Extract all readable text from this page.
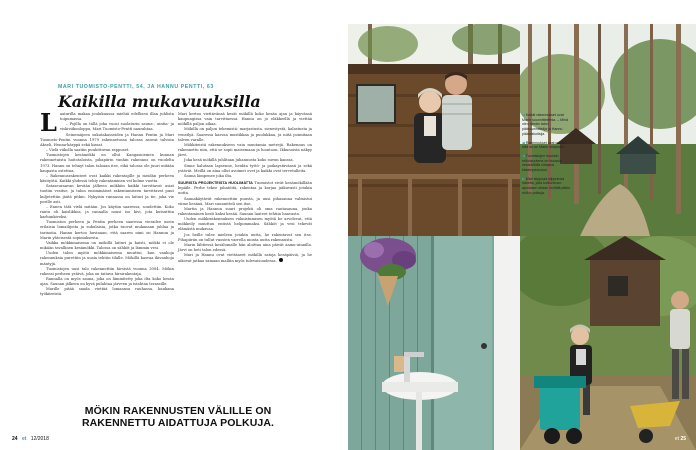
MARI TUOMISTO-PENTTI, 54, JA HANNU PENTTI, 63
Kaikilla mukavuuksilla

L aaturilla makaa joulukuussa miehiä edellisen illan juhlista toipumassa.

– Pojilla on tällä joka vuosi suolaturin sauna-, uintia- ja viskiviikonloppu, Mari Tuomisto-Pentti naurahtaa.

Seinemäjoen sukutakasseiden ja Hannu Pentin ja Mari Tuomisto-Pentin vuonna 1979 rakennetussa talossa asuvat talvisin Akseli, Henna-kärppä sekä kissat.

– Vielä viikolla saatiin puuhittuvan rappuset.

Tuomistojen kesämökki on ollut Kangasniemen kunnan rakennetuista hoitotaloista, pihapiirin vanhin rakennus on vuodelta 1973. Hannu on tehnyt talon taloaan itse, eikä talossa ole juuri mitään kaupasta ostettua.

– Rakennusrakenteet ovat kaikki rakentajille ja meidän perheen käsityötä. Kaikki yhdessä tehty rakentaminen vei kolme vuotta.

Sataseuraavan kevään jälkeen mökkiin kaikki tarvittavat asiat tuotiin vesitse, ja talon ensimmäiset rakentamiseen tarvittavat puut kuljetettiin jäätä pitkin. Nykyisin rannassa on laituri ja tie, joka vie perille asti.

– Ennen tätä vielä mitään. Jos käytiin saaressa, soudettiin. Koko ranta oli kaislikkoa, ja rannalla nousi iso kivi, jota kutsuttiin karhunkiveksi.

Tuomiston perheen ja Pentin perheen saaressa vierailee usein erilaisia lomailijoita ja sukulaisia, jotka tuovat mukanaan juhlaa ja tarinoita. Hannu kertoo huvinaan, että saaren nimi on Hannun ja Marin yhteisestä sopimuksesta.

Vaikka mökkimaisema on mökillä laituri ja kuisti, mökki ei ole mikään tavallinen kesämökki. Talossa on sähköt ja lämmin vesi.

Uuden talon myötä mökkimaisema muuttui, kun vanhoja rakennuksia purettiin ja uusia tehtiin tilalle. Mökillä kasvaa ikivanhoja mäntyjä.

Tuomistojen uusi talo rakennettiin hirsistä vuonna 2004. Mökin rakensi perheen ystävä, joka on taitava hirsirakentaja.

Rannalla on myös sauna, joka on lämmitetty joka ilta koko kesän ajan. Saunan jälkeen on hyvä pulahtaa järveen ja istahtaa terassille.

Marille pitää saada viettää lomaansa rauhassa, kaukana työkiireistä.

Mari kertoo viettävänsä kesät mökillä koko kesän ajan ja käyvänsä kaupungissa vain tarvittaessa. Hannu on jo eläkkeellä ja viettää mökillä paljon aikaa.

Mökillä on paljon tekemistä: marjastusta, sienestystä, kalastusta ja veneilyä. Saaressa kasvaa mustikkaa ja puolukkaa, ja niitä poimitaan talven varalle.

Mökkiteistä rakennukseen vain muutamia metrejä. Rakennus on rakennettu niin, että se sopii maisemaan ja luontoon. Ikkunoista näkyy järvi.

Joka kesä mökillä juhlitaan juhannusta koko suvun kanssa.

Sinne halutaan lapsenne, heidän tyttö- ja poikaystävänsä ja sekä ystävät. Meillä on aina ollut avoimet ovet ja kaikki ovat tervetulleita.

Sauna lämpenee joka ilta.

SUURISTA PROJEKTEISTA HUOLIMATTA Tuomistot eivät kesämökillään lepäile. Perhe tekee pihatöitä, rakentaa ja korjaa jatkuvasti jotakin uutta.

Saunakäytävät rakennettiin puusta, ja uusi pihasauna valmistui viime kesänä. Mari suunnitteli sen itse.

Martin ja Hannun suuri projekti oli oma rantasauna, jonka rakentaminen kesti kaksi kesää. Saunan lauteet tehtiin haavasta.

Uuden mökkirakennuksen valmistumisen myötä he arvelevat, että mökkeily muuttuu entistä helpommaksi. Sähköt ja vesi tekevät elämästä mukavaa.

Jos heille tulee mieleen jotakin uutta, he rakentavat sen itse. Pihapiiriin on tullut vuosien varrella monta uutta rakennusta.

Marin lähtiessä kesälomalle hän aloittaa aina päivät aamu-uinnilla. Järvi on heti talon edessä.

Mari ja Hannu ovat viettäneet mökillä satoja kesäpäiviä, ja he aikovat jatkaa samaan malliin myös tulevaisuudessa.

MÖKIN RAKENNUSTEN VÄLILLE ON RAKENNETTU AIDATTUJA POLKUJA.
24 et 12/2018

◀ Kaikki rakennukset ovat Marin suunnittelemia. – Minä olen tämän talon pääsuunnittelija ja Hannu pääurakoitsija.

◀ Rakennukset ovat muuta, sillä ne on Marin lempiväri.

◀ Tuomistojen huussin erikoisuutena on huussin vesisäiliöllä virtaava käsienpesuvesi.

▶ Mari siippuaa siippuinsa hakeita, joita kulkuneuvo apulaisen aitaan levittää pitkin mökin polkuja.

et 25
